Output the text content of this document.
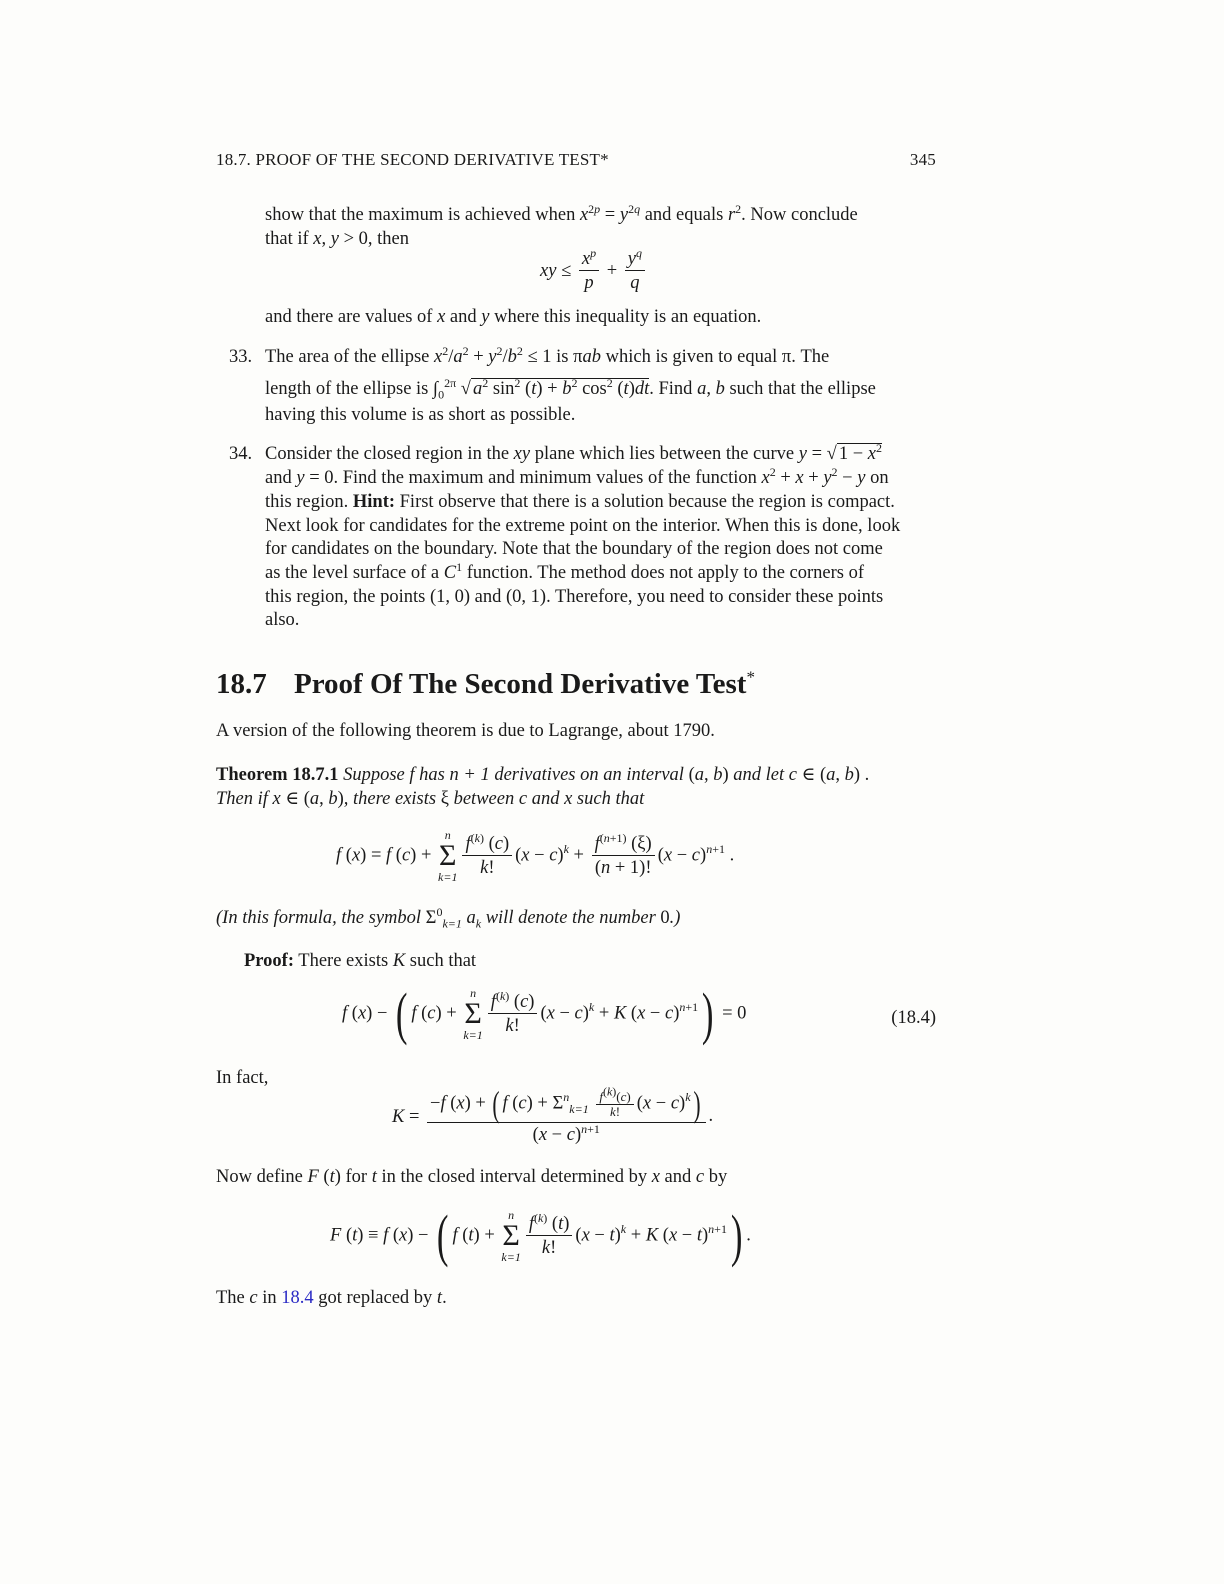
18.7. PROOF OF THE SECOND DERIVATIVE TEST*	345
show that the maximum is achieved when $x^{2p} = y^{2q}$ and equals $r^2$. Now conclude
that if x, y > 0, then
xy ≤ $\frac{x^p}{p} + \frac{y^q}{q}$
and there are values of x and y where this inequality is an equation.
33. The area of the ellipse $x^2/a^2 + y^2/b^2 \le 1$ is πab which is given to equal π. The
length of the ellipse is $\int_0^{2\pi}$ √ $a^2$ $\sin^2 (t) + b^2$ $\cos^2 (t)dt$. Find a, b such that the ellipse
having this volume is as short as possible.
34. Consider the closed region in the xy plane which lies between the curve y = √ $1 - x^2$
and y = 0. Find the maximum and minimum values of the function $x^2 + x + y^2 - y$ on
this region. Hint: First observe that there is a solution because the region is compact.
Next look for candidates for the extreme point on the interior. When this is done, look
for candidates on the boundary. Note that the boundary of the region does not come
as the level surface of a $C^1$ function. The method does not apply to the corners of
this region, the points (1, 0) and (0, 1). Therefore, you need to consider these points
also.
18.7 Proof Of The Second Derivative Test*
A version of the following theorem is due to Lagrange, about 1790.
Theorem 18.7.1 Suppose f has n + 1 derivatives on an interval (a, b) and let c ∈ (a, b) .
Then if x ∈ (a, b), there exists ξ between c and x such that
f (x) = f (c) +
n
Σ
$k=1 \frac{f^{(k)} (c)}{k!} (x - c)^k + \frac{f^{(n+1)} (\xi)}{(n + 1)!} (x - c)^{n+1}$ .
(In this formula, the symbol $\Sigma^0_{k=1}$ $a_k$ will denote the number 0.)
Proof: There exists K such that
f (x) − ( f (c) +
n
Σ
$k=1 \frac{f^{(k)} (c)}{k!} (x - c)^k + K$ $(x - c)^{n+1}) = 0$	(18.4)
In fact,
$K = \frac{-f (x) + ( f (c) + \Sigma^n_{k=1} \frac{f^{(k)}(c)}{k!} (x - c)^k)}{(x - c)^{n+1}}$ .
Now define F (t) for t in the closed interval determined by x and c by
F (t) ≡ f (x) − ( f (t) +
n
Σ
$k=1 \frac{f^{(k)} (t)}{k!} (x - t)^k + K$ $(x - t)^{n+1}$) .
The c in 18.4 got replaced by t.
